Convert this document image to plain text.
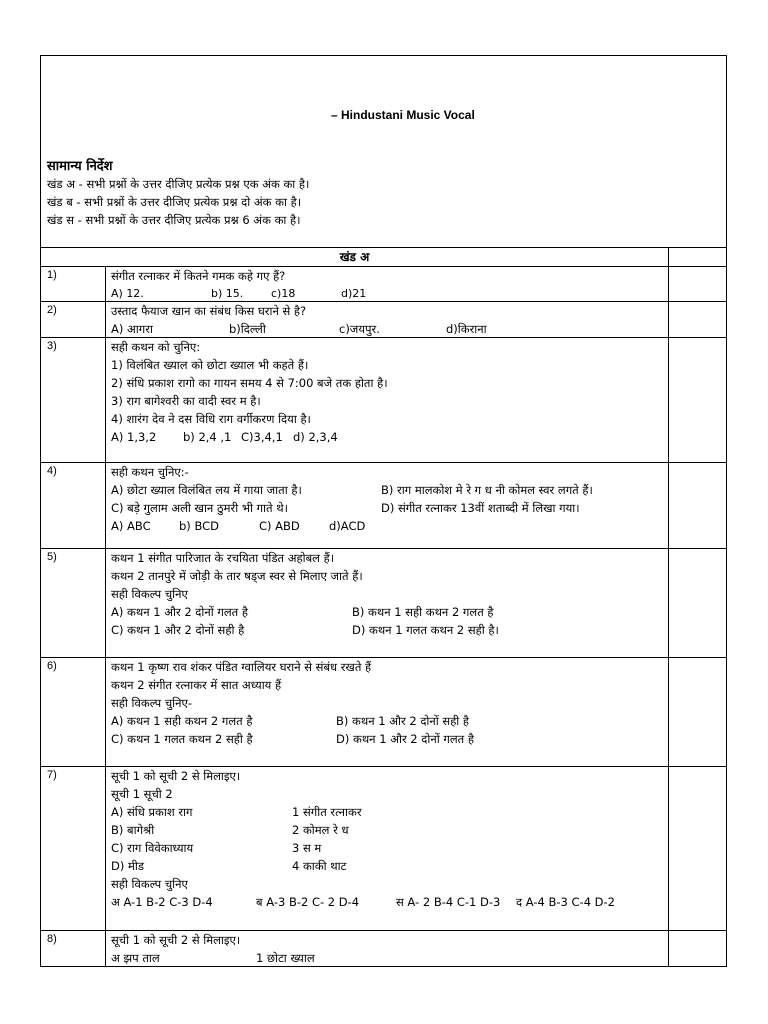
– Hindustani Music Vocal
सामान्य निर्देश
खंड अ - सभी प्रश्नों के उत्तर दीजिए प्रत्येक प्रश्न एक अंक का है।
खंड ब - सभी प्रश्नों के उत्तर दीजिए प्रत्येक प्रश्न दो अंक का है।
खंड स - सभी प्रश्नों के उत्तर दीजिए प्रत्येक प्रश्न 6 अंक का है।
खंड अ
1)	संगीत रत्नाकर में कितने गमक कहे गए हैं?
A) 12.	b) 15.	c)18	d)21
2)	उस्ताद फैयाज खान का संबंध किस घराने से है?
A) आगरा	b)दिल्ली	c)जयपुर.	d)किराना
3)	सही कथन को चुनिए:
1) विलंबित ख्याल को छोटा ख्याल भी कहते हैं।
2) संधि प्रकाश रागो का गायन समय 4 से 7:00 बजे तक होता है।
3) राग बागेश्वरी का वादी स्वर म है।
4) शारंग देव ने दस विधि राग वर्गीकरण दिया है।
A) 1,3,2 b) 2,4 ,1 C)3,4,1 d) 2,3,4
4)	सही कथन चुनिए:-
A) छोटा ख्याल विलंबित लय में गाया जाता है।	B) राग मालकोश मे रे ग ध नी कोमल स्वर लगते हैं।
C) बड़े गुलाम अली खान ठुमरी भी गाते थे।	D) संगीत रत्नाकर 13वीं शताब्दी में लिखा गया।
A) ABC b) BCD	C) ABD	d)ACD
5)	कथन 1 संगीत पारिजात के रचयिता पंडित अहोबल हैं।
कथन 2 तानपुरे में जोड़ी के तार षड्ज स्वर से मिलाए जाते हैं।
सही विकल्प चुनिए
A) कथन 1 और 2 दोनों गलत है	B) कथन 1 सही कथन 2 गलत है
C) कथन 1 और 2 दोनों सही है	D) कथन 1 गलत कथन 2 सही है।
6)	कथन 1 कृष्ण राव शंकर पंडित ग्वालियर घराने से संबंध रखते हैं
कथन 2 संगीत रत्नाकर में सात अध्याय हैं
सही विकल्प चुनिए-
A) कथन 1 सही कथन 2 गलत है	B) कथन 1 और 2 दोनों सही है
C) कथन 1 गलत कथन 2 सही है	D) कथन 1 और 2 दोनों गलत है
7)	सूची 1 को सूची 2 से मिलाइए।
सूची 1 सूची 2
A) संधि प्रकाश राग	1 संगीत रत्नाकर
B) बागेश्री	2 कोमल रे ध
C) राग विवेकाध्याय	3 स म
D) मीड	4 काकी थाट
सही विकल्प चुनिए
अ A-1 B-2 C-3 D-4	ब A-3 B-2 C- 2 D-4	स A- 2 B-4 C-1 D-3 द A-4 B-3 C-4 D-2
8)	सूची 1 को सूची 2 से मिलाइए।
अ झप ताल	1 छोटा ख्याल
